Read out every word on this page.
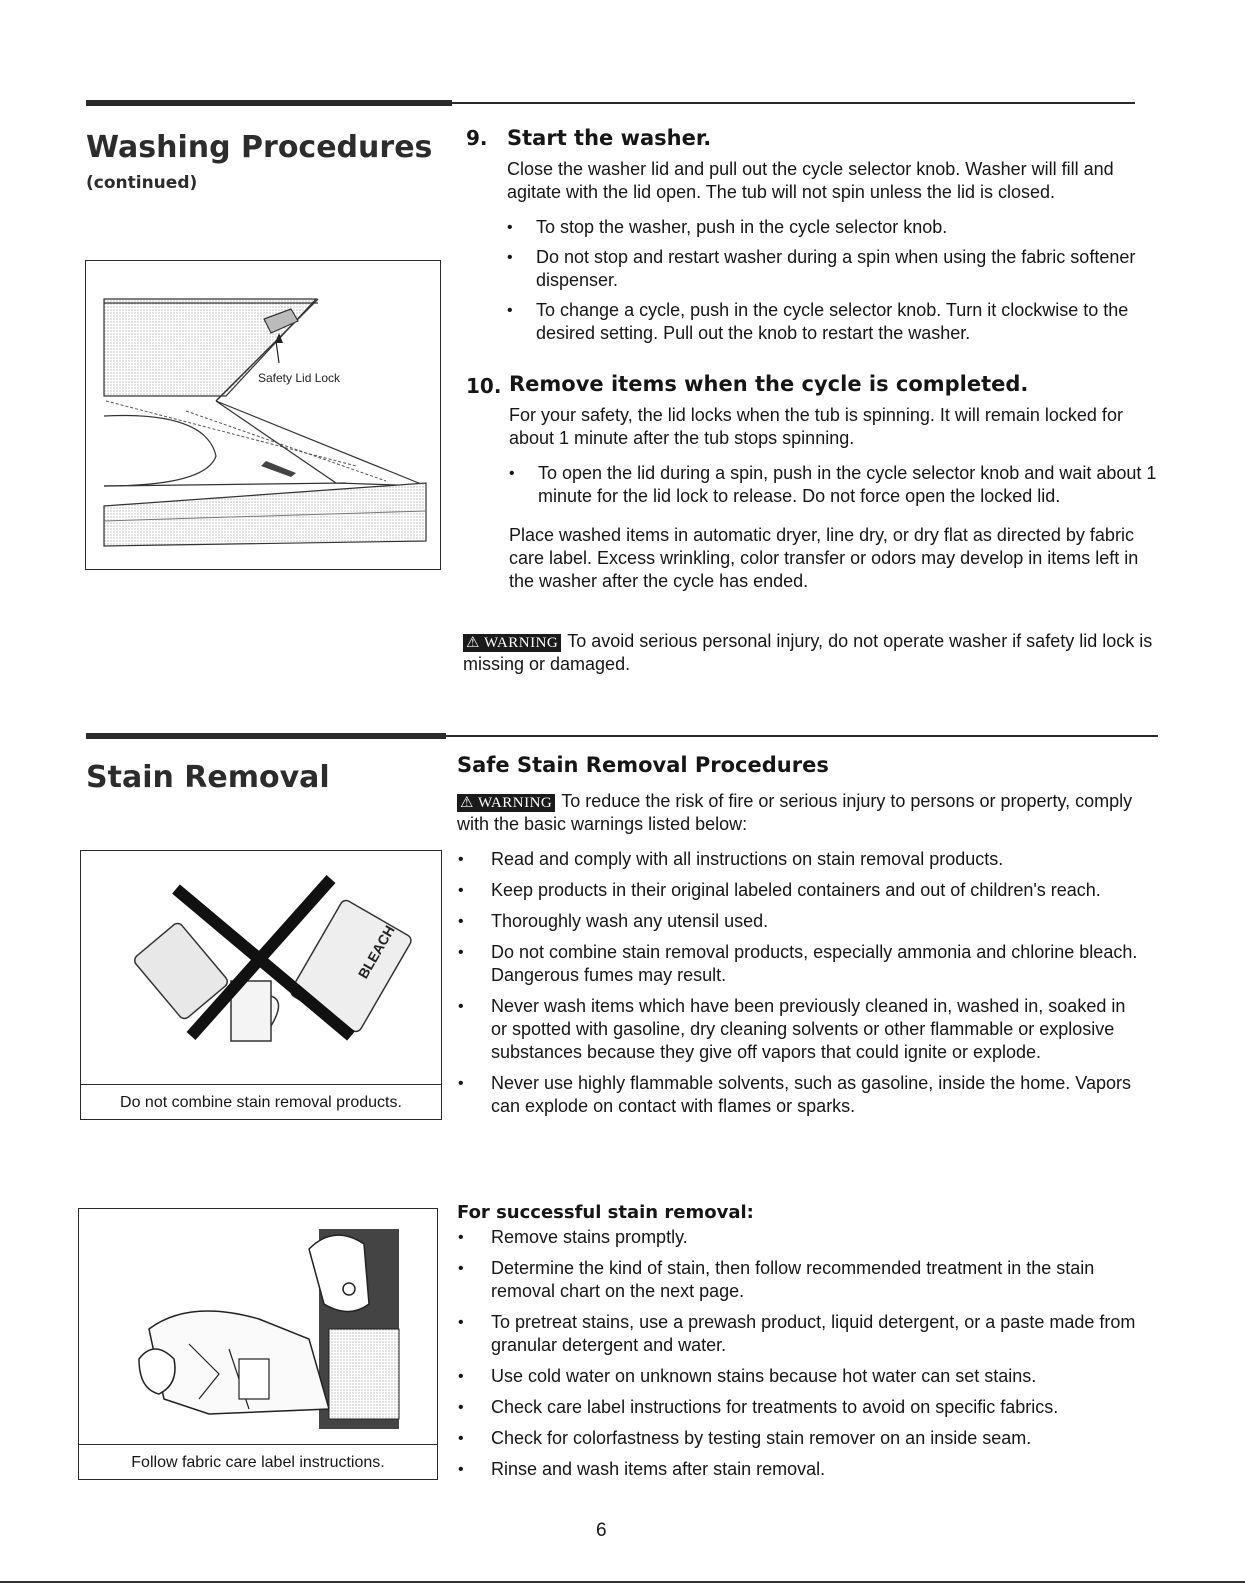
Washing Procedures
(continued)
Safety Lid Lock
9. Start the washer.
Close the washer lid and pull out the cycle selector knob. Washer will fill and agitate with the lid open. The tub will not spin unless the lid is closed.
• To stop the washer, push in the cycle selector knob.
• Do not stop and restart washer during a spin when using the fabric softener dispenser.
• To change a cycle, push in the cycle selector knob. Turn it clockwise to the desired setting. Pull out the knob to restart the washer.
10. Remove items when the cycle is completed.
For your safety, the lid locks when the tub is spinning. It will remain locked for about 1 minute after the tub stops spinning.
• To open the lid during a spin, push in the cycle selector knob and wait about 1 minute for the lid lock to release. Do not force open the locked lid.
Place washed items in automatic dryer, line dry, or dry flat as directed by fabric care label. Excess wrinkling, color transfer or odors may develop in items left in the washer after the cycle has ended.
⚠ WARNING To avoid serious personal injury, do not operate washer if safety lid lock is missing or damaged.
Stain Removal
BLEACH
Do not combine stain removal products.
Follow fabric care label instructions.
Safe Stain Removal Procedures
⚠ WARNING To reduce the risk of fire or serious injury to persons or property, comply with the basic warnings listed below:
• Read and comply with all instructions on stain removal products.
• Keep products in their original labeled containers and out of children's reach.
• Thoroughly wash any utensil used.
• Do not combine stain removal products, especially ammonia and chlorine bleach. Dangerous fumes may result.
• Never wash items which have been previously cleaned in, washed in, soaked in or spotted with gasoline, dry cleaning solvents or other flammable or explosive substances because they give off vapors that could ignite or explode.
• Never use highly flammable solvents, such as gasoline, inside the home. Vapors can explode on contact with flames or sparks.
For successful stain removal:
• Remove stains promptly.
• Determine the kind of stain, then follow recommended treatment in the stain removal chart on the next page.
• To pretreat stains, use a prewash product, liquid detergent, or a paste made from granular detergent and water.
• Use cold water on unknown stains because hot water can set stains.
• Check care label instructions for treatments to avoid on specific fabrics.
• Check for colorfastness by testing stain remover on an inside seam.
• Rinse and wash items after stain removal.
6
